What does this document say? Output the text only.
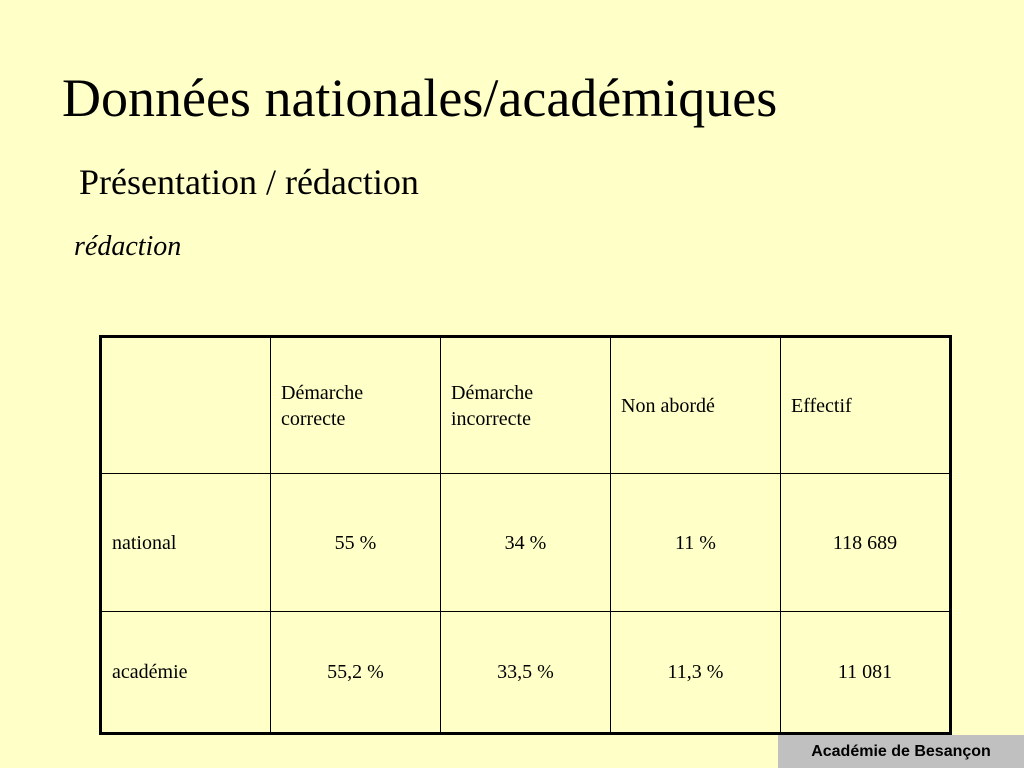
Données nationales/académiques
Présentation / rédaction
rédaction
	Démarche correcte	Démarche incorrecte	Non abordé	Effectif
national	55 %	34 %	11 %	118 689
académie	55,2 %	33,5 %	11,3 %	11 081
Académie de Besançon
